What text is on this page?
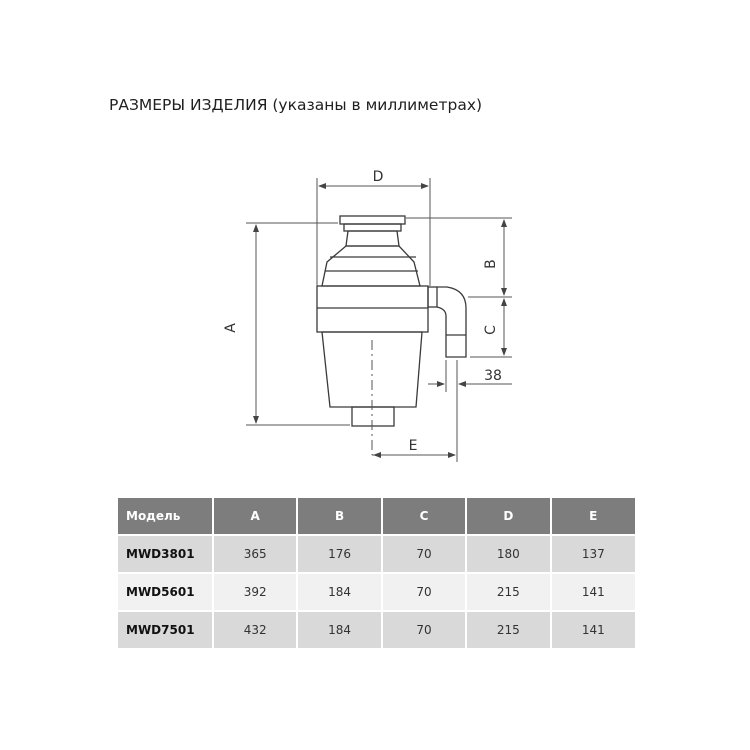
РАЗМЕРЫ ИЗДЕЛИЯ (указаны в миллиметрах)
A
D
B
C
38
E
Модель	A	B	C	D	E
MWD3801	365	176	70	180	137
MWD5601	392	184	70	215	141
MWD7501	432	184	70	215	141
